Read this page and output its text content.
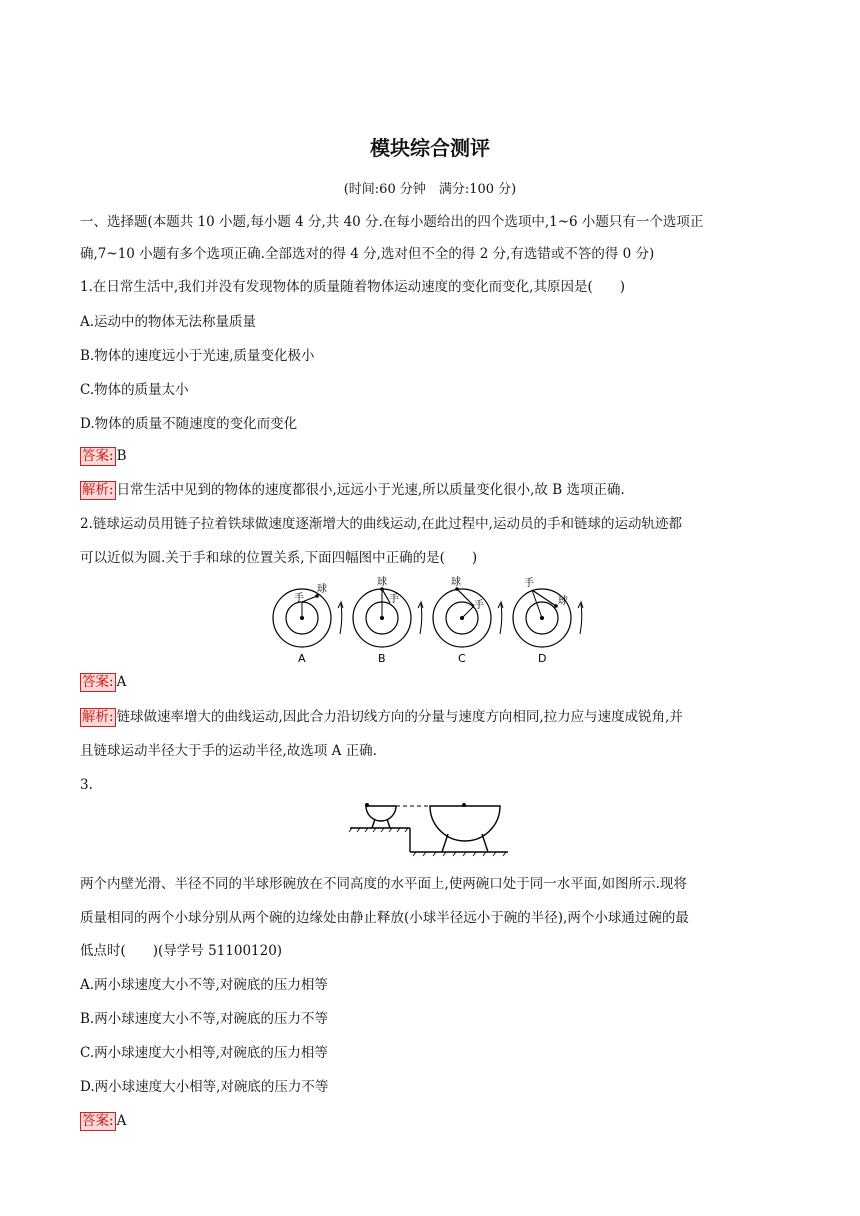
模块综合测评
(时间:60 分钟　满分:100 分)
一、选择题(本题共 10 小题,每小题 4 分,共 40 分.在每小题给出的四个选项中,1~6 小题只有一个选项正
确,7~10 小题有多个选项正确.全部选对的得 4 分,选对但不全的得 2 分,有选错或不答的得 0 分)
1.在日常生活中,我们并没有发现物体的质量随着物体运动速度的变化而变化,其原因是(　　)
A.运动中的物体无法称量质量
B.物体的速度远小于光速,质量变化极小
C.物体的质量太小
D.物体的质量不随速度的变化而变化
答案: B
解析: 日常生活中见到的物体的速度都很小,远远小于光速,所以质量变化很小,故 B 选项正确.
2.链球运动员用链子拉着铁球做速度逐渐增大的曲线运动,在此过程中,运动员的手和链球的运动轨迹都
可以近似为圆.关于手和球的位置关系,下面四幅图中正确的是(　　)
手
球
A
球
手
B
球
手
C
手
球
D
答案: A
解析: 链球做速率增大的曲线运动,因此合力沿切线方向的分量与速度方向相同,拉力应与速度成锐角,并
且链球运动半径大于手的运动半径,故选项 A 正确.
3.
两个内壁光滑、半径不同的半球形碗放在不同高度的水平面上,使两碗口处于同一水平面,如图所示.现将
质量相同的两个小球分别从两个碗的边缘处由静止释放(小球半径远小于碗的半径),两个小球通过碗的最
低点时(　　)(导学号 51100120)
A.两小球速度大小不等,对碗底的压力相等
B.两小球速度大小不等,对碗底的压力不等
C.两小球速度大小相等,对碗底的压力相等
D.两小球速度大小相等,对碗底的压力不等
答案: A
